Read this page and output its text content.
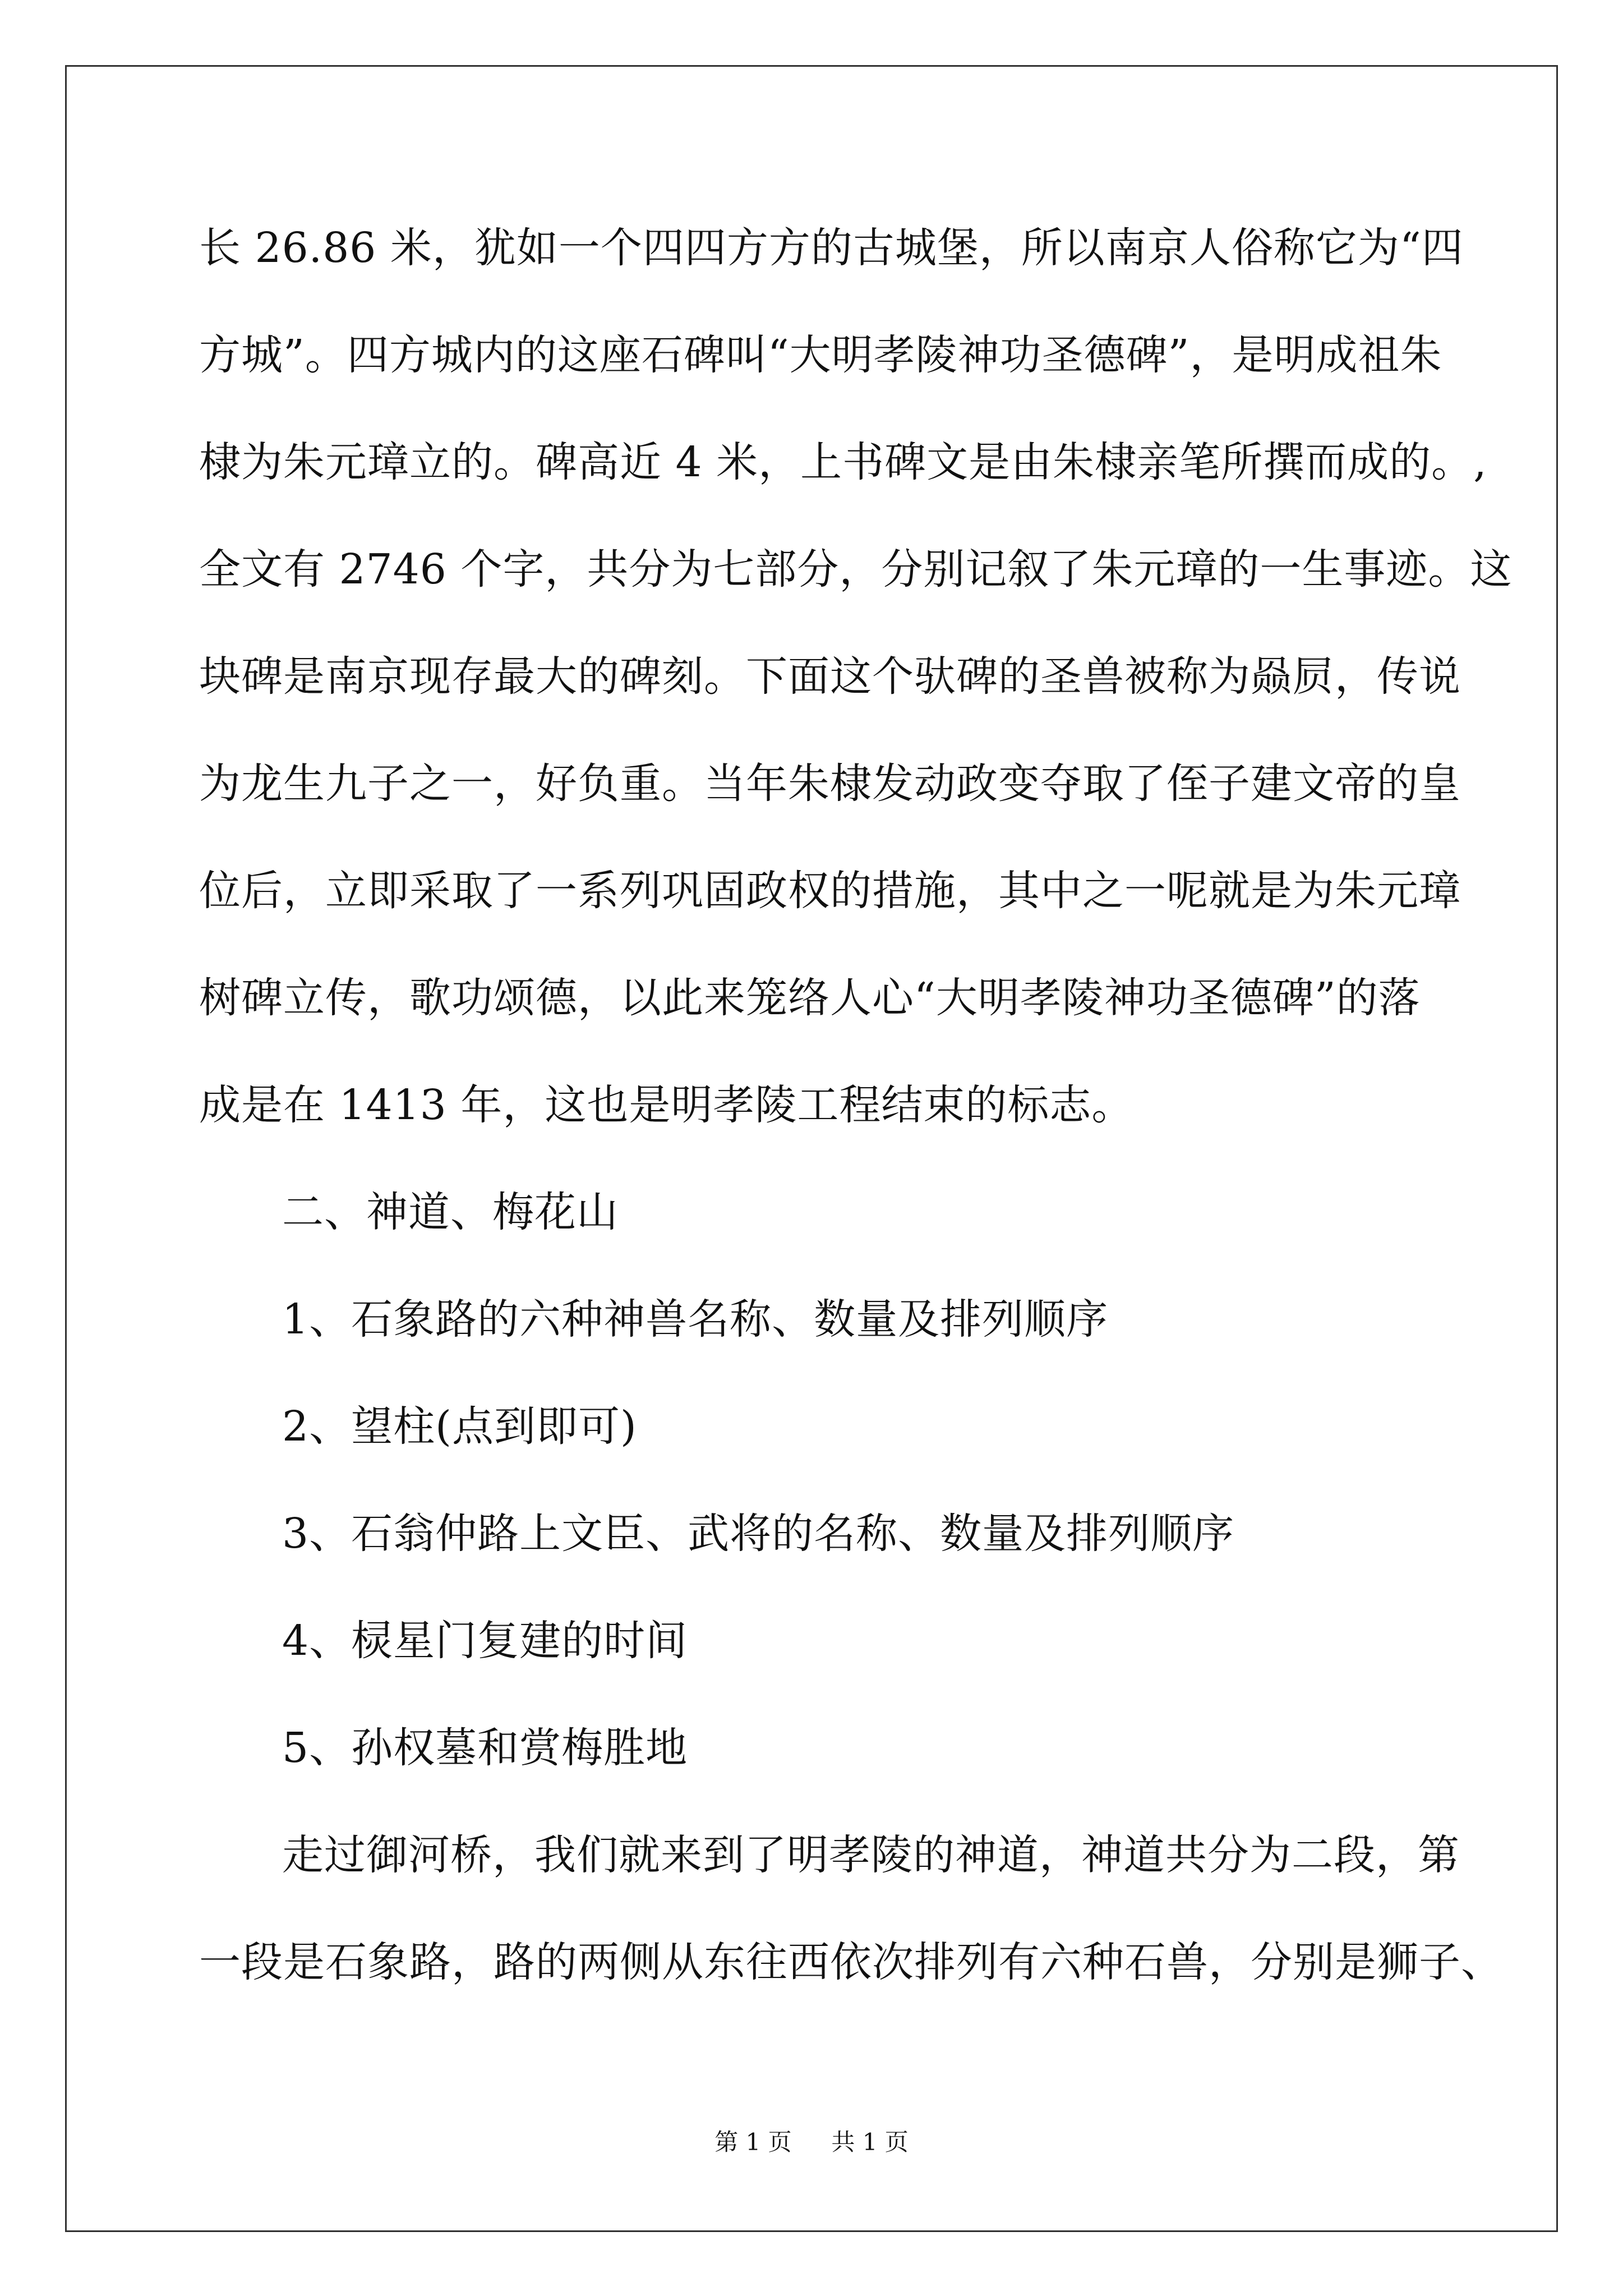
长 26.86 米，犹如一个四四方方的古城堡，所以南京人俗称它为“四
方城”。四方城内的这座石碑叫“大明孝陵神功圣德碑”，是明成祖朱
棣为朱元璋立的。碑高近 4 米，上书碑文是由朱棣亲笔所撰而成的。,
全文有 2746 个字，共分为七部分，分别记叙了朱元璋的一生事迹。这
块碑是南京现存最大的碑刻。下面这个驮碑的圣兽被称为赑屃，传说
为龙生九子之一，好负重。当年朱棣发动政变夺取了侄子建文帝的皇
位后，立即采取了一系列巩固政权的措施，其中之一呢就是为朱元璋
树碑立传，歌功颂德，以此来笼络人心“大明孝陵神功圣德碑”的落
成是在 1413 年，这也是明孝陵工程结束的标志。
二、神道、梅花山
1、石象路的六种神兽名称、数量及排列顺序
2、望柱(点到即可)
3、石翁仲路上文臣、武将的名称、数量及排列顺序
4、棂星门复建的时间
5、孙权墓和赏梅胜地
走过御河桥，我们就来到了明孝陵的神道，神道共分为二段，第
一段是石象路，路的两侧从东往西依次排列有六种石兽，分别是狮子、
第 1 页 共 1 页
